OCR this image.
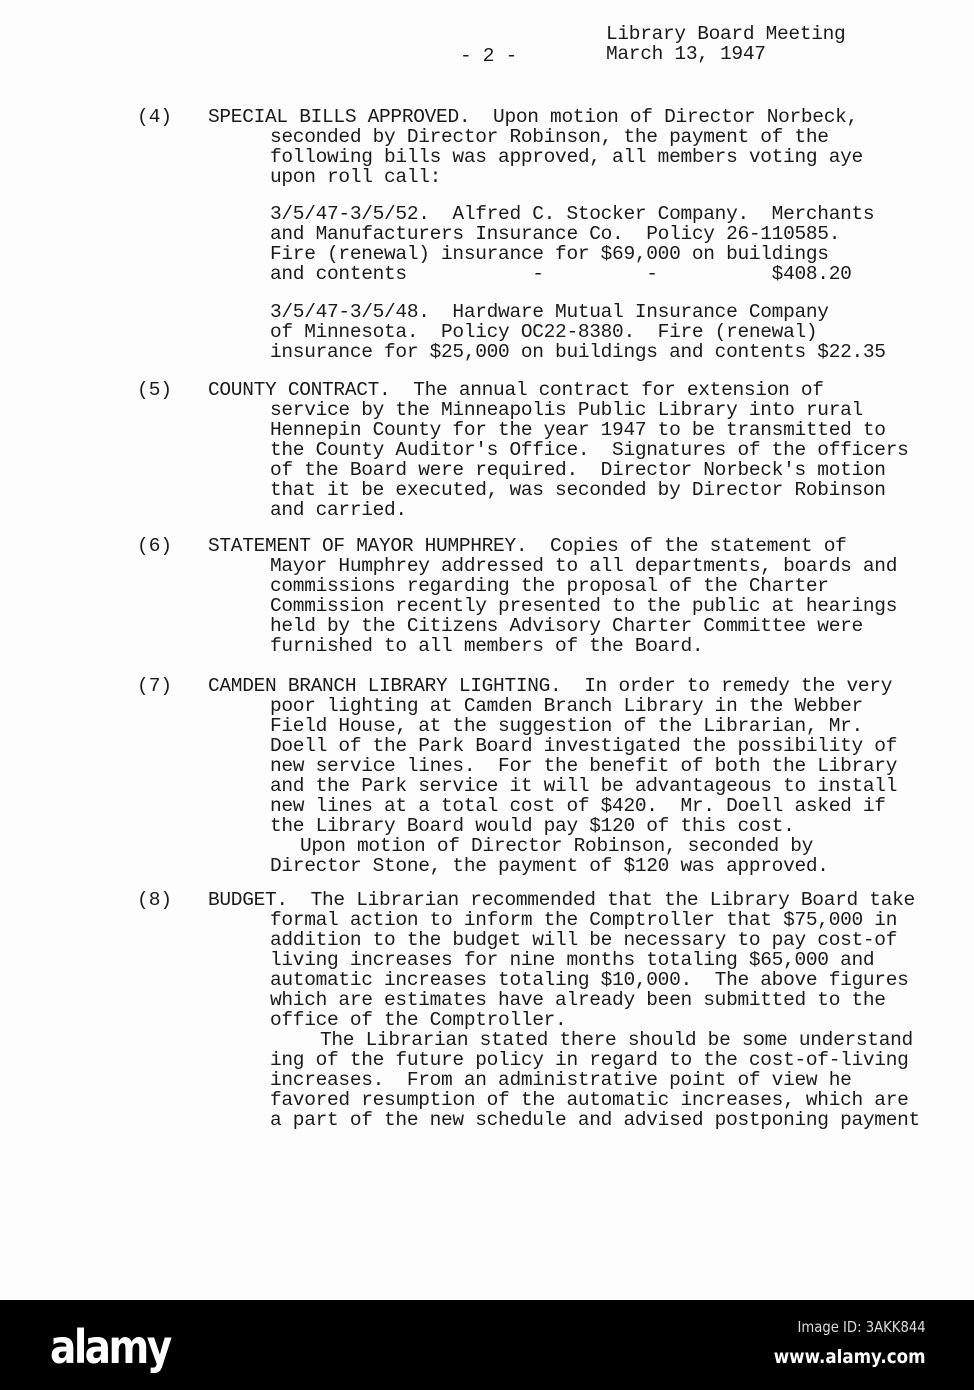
Library Board Meeting
- 2 -	March 13, 1947
(4) SPECIAL BILLS APPROVED.  Upon motion of Director Norbeck,
seconded by Director Robinson, the payment of the
following bills was approved, all members voting aye
upon roll call:
3/5/47-3/5/52.  Alfred C. Stocker Company.  Merchants
and Manufacturers Insurance Co.  Policy 26-110585.
Fire (renewal) insurance for $69,000 on buildings
and contents           -         -          $408.20
3/5/47-3/5/48.  Hardware Mutual Insurance Company
of Minnesota.  Policy OC22-8380.  Fire (renewal)
insurance for $25,000 on buildings and contents $22.35
(5) COUNTY CONTRACT.  The annual contract for extension of
service by the Minneapolis Public Library into rural
Hennepin County for the year 1947 to be transmitted to
the County Auditor's Office.  Signatures of the officers
of the Board were required.  Director Norbeck's motion
that it be executed, was seconded by Director Robinson
and carried.
(6) STATEMENT OF MAYOR HUMPHREY.  Copies of the statement of
Mayor Humphrey addressed to all departments, boards and
commissions regarding the proposal of the Charter
Commission recently presented to the public at hearings
held by the Citizens Advisory Charter Committee were
furnished to all members of the Board.
(7) CAMDEN BRANCH LIBRARY LIGHTING.  In order to remedy the very
poor lighting at Camden Branch Library in the Webber
Field House, at the suggestion of the Librarian, Mr.
Doell of the Park Board investigated the possibility of
new service lines.  For the benefit of both the Library
and the Park service it will be advantageous to install
new lines at a total cost of $420.  Mr. Doell asked if
the Library Board would pay $120 of this cost.
Upon motion of Director Robinson, seconded by
Director Stone, the payment of $120 was approved.
(8) BUDGET.  The Librarian recommended that the Library Board take
formal action to inform the Comptroller that $75,000 in
addition to the budget will be necessary to pay cost-of
living increases for nine months totaling $65,000 and
automatic increases totaling $10,000.  The above figures
which are estimates have already been submitted to the
office of the Comptroller.
The Librarian stated there should be some understand
ing of the future policy in regard to the cost-of-living
increases.  From an administrative point of view he
favored resumption of the automatic increases, which are
a part of the new schedule and advised postponing payment
alamy	Image ID: 3AKK844
www.alamy.com
